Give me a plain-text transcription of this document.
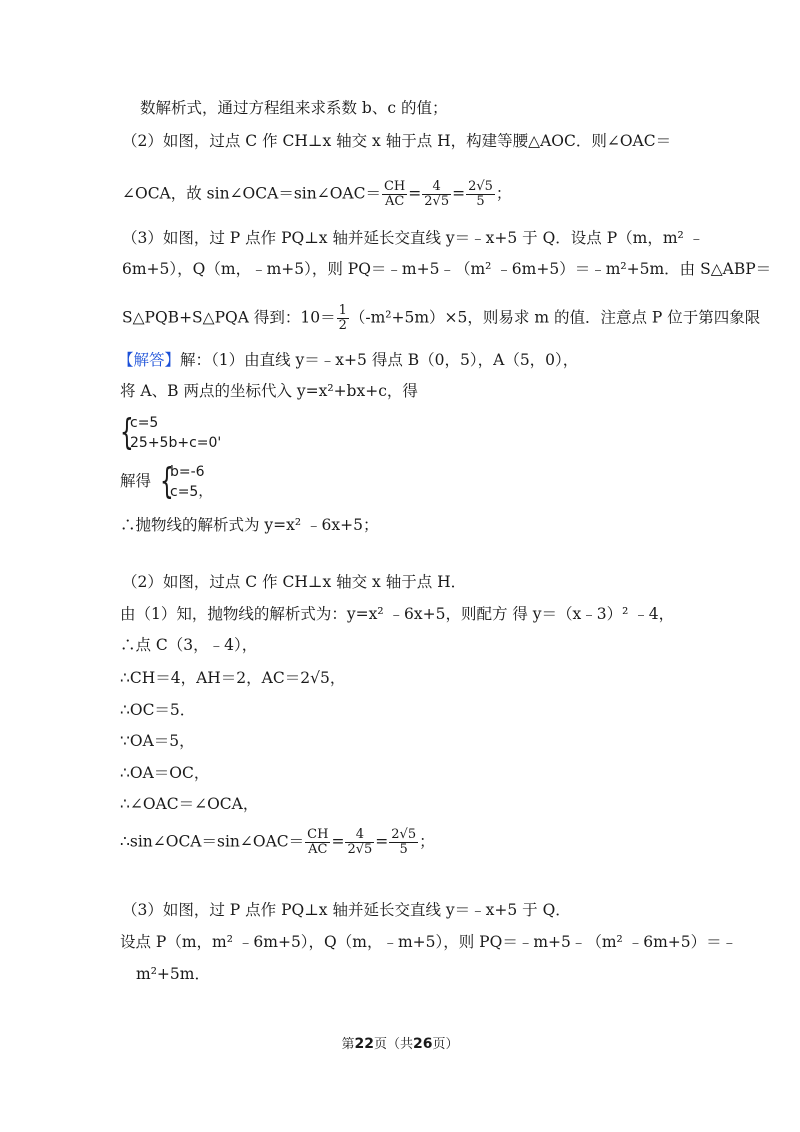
数解析式，通过方程组来求系数 b、c 的值；
（2）如图，过点 C 作 CH⊥x 轴交 x 轴于点 H，构建等腰△AOC．则∠OAC＝
∠OCA，故 sin∠OCA＝sin∠OAC＝ $\frac{CH}{AC} = \frac{4}{2√5} = \frac{2√5}{5}$ ；
（3）如图，过 P 点作 PQ⊥x 轴并延长交直线 y＝﹣x+5 于 Q．设点 P（m，m² ﹣
6m+5），Q（m，﹣m+5），则 PQ＝﹣m+5﹣（m² ﹣6m+5）＝﹣m²+5m．由 S△ABP＝
S△PQB+S△PQA 得到：$10= \frac{1}{2} (-m^2+5m)\times 5$，则易求 m 的值．注意点 P 位于第四象限
【解答】解：（1）由直线 y＝﹣x+5 得点 B（0，5），A（5，0），
将 A、B 两点的坐标代入 y=x²+bx+c，得
{
c=5
25+5b+c=0'
解得 {
b=-6
c=5，
∴抛物线的解析式为 y=x² ﹣6x+5；
（2）如图，过点 C 作 CH⊥x 轴交 x 轴于点 H．
由（1）知，抛物线的解析式为：y=x² ﹣6x+5，则配方 得 y＝（x﹣3）² ﹣4，
∴点 C（3，﹣4），
∴CH＝4，AH＝2，AC＝2√5，
∴OC＝5．
∵OA＝5，
∴OA＝OC，
∴∠OAC＝∠OCA，
∴sin∠OCA＝sin∠OAC＝ $\frac{CH}{AC} = \frac{4}{2√5} = \frac{2√5}{5}$ ；
（3）如图，过 P 点作 PQ⊥x 轴并延长交直线 y＝﹣x+5 于 Q．
设点 P（m，m² ﹣6m+5），Q（m，﹣m+5），则 PQ＝﹣m+5﹣（m² ﹣6m+5）＝﹣
m²+5m．
第22页（共26页）
